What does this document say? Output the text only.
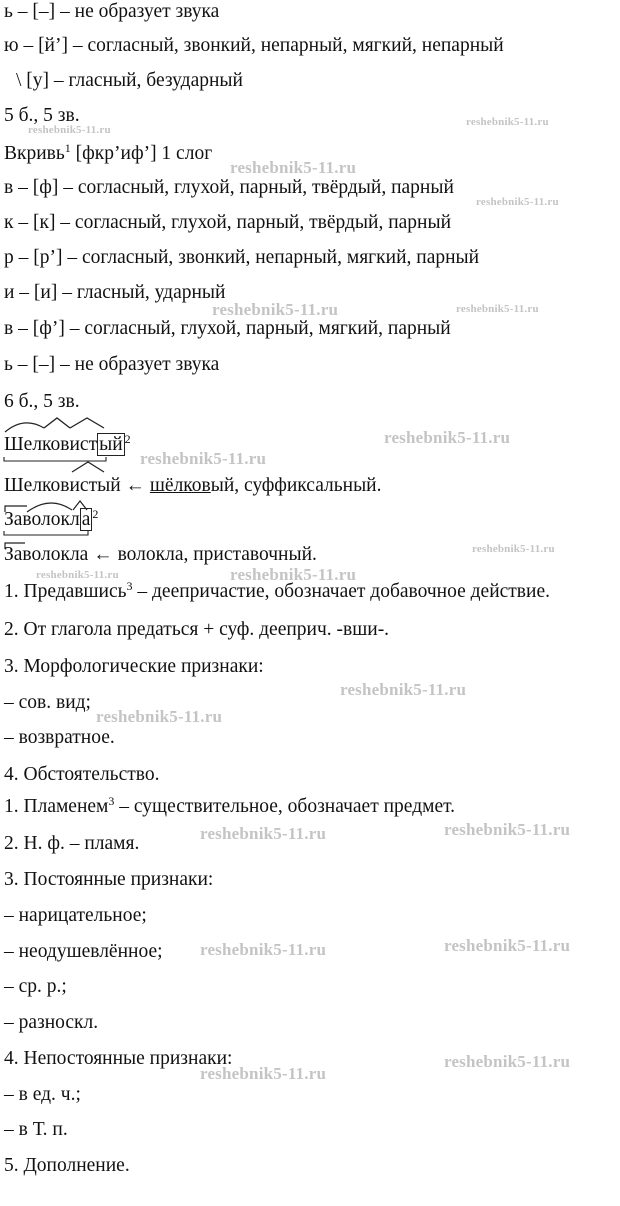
ь – [–] – не образует звука
ю – [й’] – согласный, звонкий, непарный, мягкий, непарный
\ [у] – гласный, безударный
5 б., 5 зв.
Вкривь$^1$ [фкр’иф’] 1 слог
в – [ф] – согласный, глухой, парный, твёрдый, парный
к – [к] – согласный, глухой, парный, твёрдый, парный
р – [р’] – согласный, звонкий, непарный, мягкий, парный
и – [и] – гласный, ударный
в – [ф’] – согласный, глухой, парный, мягкий, парный
ь – [–] – не образует звука
6 б., 5 зв.
Шелковист ый $^2$
Шелковистый ← шёлковый, суффиксальный.
Заволокл а $^2$
Заволокла ← волокла, приставочный.
1. Предавшись$^3$ – деепричастие, обозначает добавочное действие.
2. От глагола предаться + суф. дееприч. -вши-.
3. Морфологические признаки:
– сов. вид;
– возвратное.
4. Обстоятельство.
1. Пламенем$^3$ – существительное, обозначает предмет.
2. Н. ф. – пламя.
3. Постоянные признаки:
– нарицательное;
– неодушевлённое;
– ср. р.;
– разноскл.
4. Непостоянные признаки:
– в ед. ч.;
– в Т. п.
5. Дополнение.
reshebnik5-11.ru
reshebnik5-11.ru
reshebnik5-11.ru
reshebnik5-11.ru
reshebnik5-11.ru	reshebnik5-11.ru
reshebnik5-11.ru
reshebnik5-11.ru
reshebnik5-11.ru
reshebnik5-11.ru	reshebnik5-11.ru
reshebnik5-11.ru
reshebnik5-11.ru
reshebnik5-11.ru	reshebnik5-11.ru
reshebnik5-11.ru	reshebnik5-11.ru
reshebnik5-11.ru
reshebnik5-11.ru
